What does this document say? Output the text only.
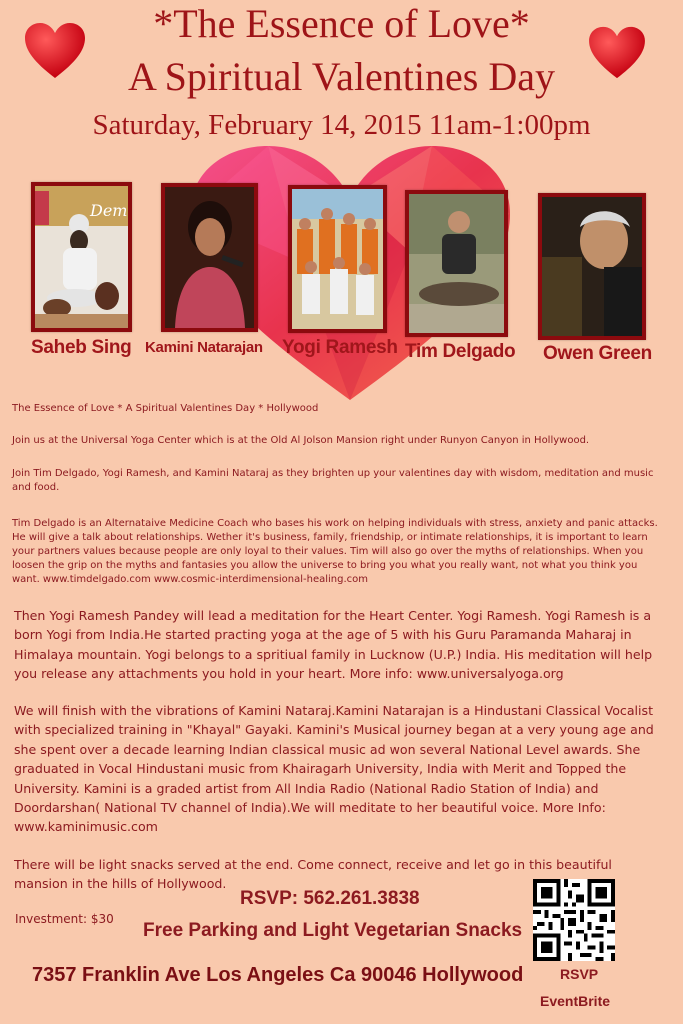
*The Essence of Love*
A Spiritual Valentines Day
Saturday, February 14, 2015 11am-1:00pm
Dem
Saheb Sing Kamini Natarajan Yogi Ramesh Tim Delgado Owen Green
The Essence of Love * A Spiritual Valentines Day * Hollywood
Join us at the Universal Yoga Center which is at the Old Al Jolson Mansion right under Runyon Canyon in Hollywood.
Join Tim Delgado, Yogi Ramesh, and Kamini Nataraj as they brighten up your valentines day with wisdom, meditation and music and food.
Tim Delgado is an Alternataive Medicine Coach who bases his work on helping individuals with stress, anxiety and panic attacks. He will give a talk about relationships. Wether it's business, family, friendship, or intimate relationships, it is important to learn your partners values because people are only loyal to their values. Tim will also go over the myths of relationships. When you loosen the grip on the myths and fantasies you allow the universe to bring you what you really want, not what you think you want. www.timdelgado.com www.cosmic-interdimensional-healing.com
Then Yogi Ramesh Pandey will lead a meditation for the Heart Center. Yogi Ramesh. Yogi Ramesh is a born Yogi from India.He started practing yoga at the age of 5 with his Guru Paramanda Maharaj in Himalaya mountain. Yogi belongs to a spritiual family in Lucknow (U.P.) India. His meditation will help you release any attachments you hold in your heart. More info: www.universalyoga.org
We will finish with the vibrations of Kamini Nataraj.Kamini Natarajan is a Hindustani Classical Vocalist with specialized training in "Khayal" Gayaki. Kamini's Musical journey began at a very young age and she spent over a decade learning Indian classical music ad won several National Level awards. She graduated in Vocal Hindustani music from Khairagarh University, India with Merit and Topped the University. Kamini is a graded artist from All India Radio (National Radio Station of India) and Doordarshan( National TV channel of India).We will meditate to her beautiful voice. More Info: www.kaminimusic.com
There will be light snacks served at the end. Come connect, receive and let go in this beautiful mansion in the hills of Hollywood.
Investment: $30
RSVP: 562.261.3838
Free Parking and Light Vegetarian Snacks
7357 Franklin Ave Los Angeles Ca 90046 Hollywood	RSVP
EventBrite
